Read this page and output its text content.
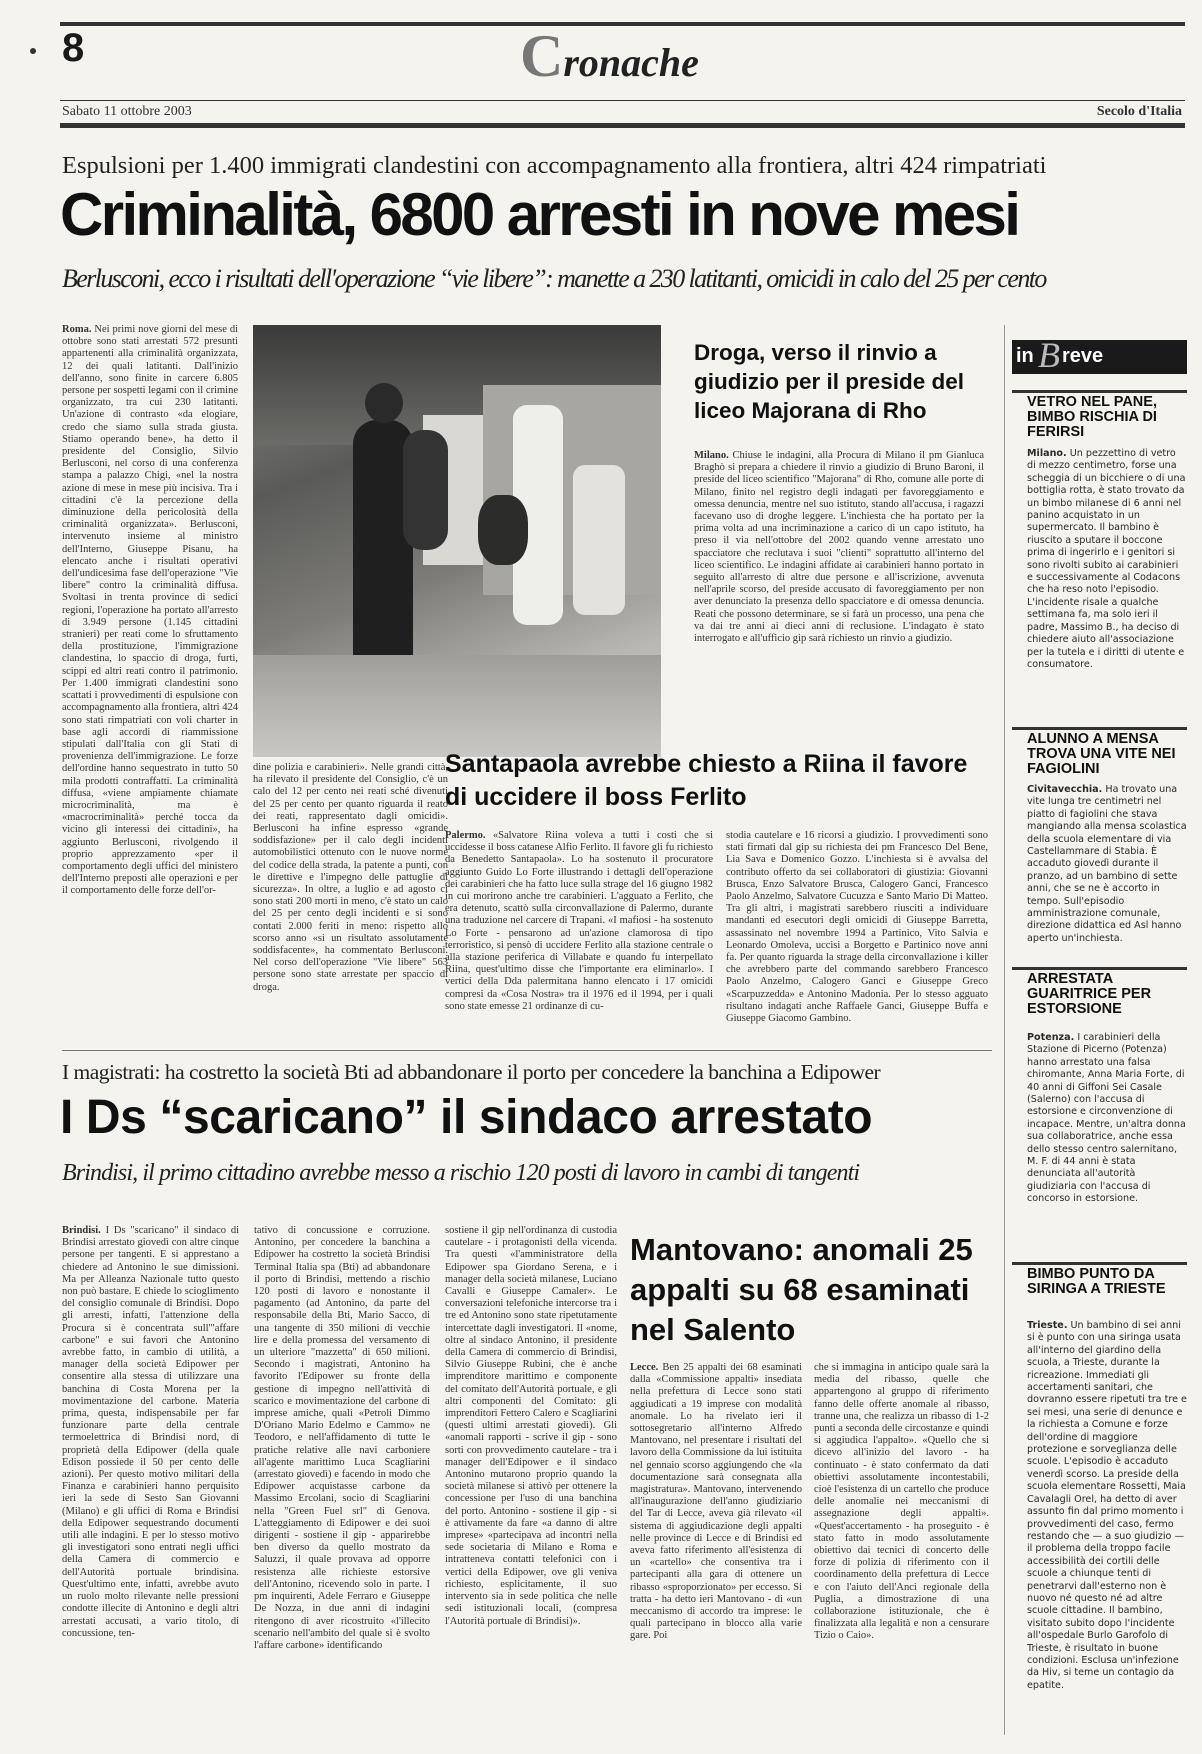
8	Cronache
Sabato 11 ottobre 2003	Secolo d'Italia
Espulsioni per 1.400 immigrati clandestini con accompagnamento alla frontiera, altri 424 rimpatriati
Criminalità, 6800 arresti in nove mesi
Berlusconi, ecco i risultati dell'operazione “vie libere”: manette a 230 latitanti, omicidi in calo del 25 per cento
Roma. Nei primi nove giorni del mese di ottobre sono stati arrestati 572 presunti appartenenti alla criminalità organizzata, 12 dei quali latitanti. Dall'inizio dell'anno, sono finite in carcere 6.805 persone per sospetti legami con il crimine organizzato, tra cui 230 latitanti. Un'azione di contrasto «da elogiare, credo che siamo sulla strada giusta. Stiamo operando bene», ha detto il presidente del Consiglio, Silvio Berlusconi, nel corso di una conferenza stampa a palazzo Chigi, «nel la nostra azione di mese in mese più incisiva. Tra i cittadini c'è la percezione della diminuzione della pericolosità della criminalità organizzata». Berlusconi, intervenuto insieme al ministro dell'Interno, Giuseppe Pisanu, ha elencato anche i risultati operativi dell'undicesima fase dell'operazione "Vie libere" contro la criminalità diffusa. Svoltasi in trenta province di sedici regioni, l'operazione ha portato all'arresto di 3.949 persone (1.145 cittadini stranieri) per reati come lo sfruttamento della prostituzione, l'immigrazione clandestina, lo spaccio di droga, furti, scippi ed altri reati contro il patrimonio. Per 1.400 immigrati clandestini sono scattati i provvedimenti di espulsione con accompagnamento alla frontiera, altri 424 sono stati rimpatriati con voli charter in base agli accordi di riammissione stipulati dall'Italia con gli Stati di provenienza dell'immigrazione. Le forze dell'ordine hanno sequestrato in tutto 50 mila prodotti contraffatti. La criminalità diffusa, «viene ampiamente chiamate microcriminalità, ma è «macrocriminalità» perché tocca da vicino gli interessi dei cittadini», ha aggiunto Berlusconi, rivolgendo il proprio apprezzamento «per il comportamento degli uffici del ministero dell'Interno preposti alle operazioni e per il comportamento delle forze dell'or-
dine polizia e carabinieri». Nelle grandi città, ha rilevato il presidente del Consiglio, c'è un calo del 12 per cento nei reati sché divenuti del 25 per cento per quanto riguarda il reato dei reati, rappresentato dagli omicidi». Berlusconi ha infine espresso «grande soddisfazione» per il calo degli incidenti automobilistici ottenuto con le nuove norme del codice della strada, la patente a punti, con le direttive e l'impegno delle pattuglie di sicurezza». In oltre, a luglio e ad agosto ci sono stati 200 morti in meno, c'è stato un calo del 25 per cento degli incidenti e si sono contati 2.000 feriti in meno: rispetto allo scorso anno «si un risultato assolutamente soddisfacente», ha commentato Berlusconi. Nel corso dell'operazione "Vie libere" 563 persone sono state arrestate per spaccio di droga.
Droga, verso il rinvio a giudizio per il preside del liceo Majorana di Rho
Milano. Chiuse le indagini, alla Procura di Milano il pm Gianluca Braghò si prepara a chiedere il rinvio a giudizio di Bruno Baroni, il preside del liceo scientifico "Majorana" di Rho, comune alle porte di Milano, finito nel registro degli indagati per favoreggiamento e omessa denuncia, mentre nel suo istituto, stando all'accusa, i ragazzi facevano uso di droghe leggere. L'inchiesta che ha portato per la prima volta ad una incriminazione a carico di un capo istituto, ha preso il via nell'ottobre del 2002 quando venne arrestato uno spacciatore che reclutava i suoi "clienti" soprattutto all'interno del liceo scientifico. Le indagini affidate ai carabinieri hanno portato in seguito all'arresto di altre due persone e all'iscrizione, avvenuta nell'aprile scorso, del preside accusato di favoreggiamento per non aver denunciato la presenza dello spacciatore e di omessa denuncia. Reati che possono determinare, se si farà un processo, una pena che va dai tre anni ai dieci anni di reclusione. L'indagato è stato interrogato e all'ufficio gip sarà richiesto un rinvio a giudizio.
Santapaola avrebbe chiesto a Riina il favore di uccidere il boss Ferlito
Palermo. «Salvatore Riina voleva a tutti i costi che si uccidesse il boss catanese Alfio Ferlito. Il favore gli fu richiesto da Benedetto Santapaola». Lo ha sostenuto il procuratore aggiunto Guido Lo Forte illustrando i dettagli dell'operazione dei carabinieri che ha fatto luce sulla strage del 16 giugno 1982 in cui morirono anche tre carabinieri. L'agguato a Ferlito, che era detenuto, scattò sulla circonvallazione di Palermo, durante una traduzione nel carcere di Trapani. «I mafiosi - ha sostenuto Lo Forte - pensarono ad un'azione clamorosa di tipo terroristico, si pensò di uccidere Ferlito alla stazione centrale o alla stazione periferica di Villabate e quando fu interpellato Riina, quest'ultimo disse che l'importante era eliminarlo». I vertici della Dda palermitana hanno elencato i 17 omicidi compresi da «Cosa Nostra» tra il 1976 ed il 1994, per i quali sono state emesse 21 ordinanze di cu-
stodia cautelare e 16 ricorsi a giudizio. I provvedimenti sono stati firmati dal gip su richiesta dei pm Francesco Del Bene, Lia Sava e Domenico Gozzo. L'inchiesta si è avvalsa del contributo offerto da sei collaboratori di giustizia: Giovanni Brusca, Enzo Salvatore Brusca, Calogero Ganci, Francesco Paolo Anzelmo, Salvatore Cucuzza e Santo Mario Di Matteo. Tra gli altri, i magistrati sarebbero riusciti a individuare mandanti ed esecutori degli omicidi di Giuseppe Barretta, assassinato nel novembre 1994 a Partinico, Vito Salvia e Leonardo Omoleva, uccisi a Borgetto e Partinico nove anni fa. Per quanto riguarda la strage della circonvallazione i killer che avrebbero parte del commando sarebbero Francesco Paolo Anzelmo, Calogero Ganci e Giuseppe Greco «Scarpuzzedda» e Antonino Madonia. Per lo stesso agguato risultano indagati anche Raffaele Ganci, Giuseppe Buffa e Giuseppe Giacomo Gambino.
in B reve
VETRO NEL PANE, BIMBO RISCHIA DI FERIRSI
Milano. Un pezzettino di vetro di mezzo centimetro, forse una scheggia di un bicchiere o di una bottiglia rotta, è stato trovato da un bimbo milanese di 6 anni nel panino acquistato in un supermercato. Il bambino è riuscito a sputare il boccone prima di ingerirlo e i genitori si sono rivolti subito ai carabinieri e successivamente al Codacons che ha reso noto l'episodio. L'incidente risale a qualche settimana fa, ma solo ieri il padre, Massimo B., ha deciso di chiedere aiuto all'associazione per la tutela e i diritti di utente e consumatore.
ALUNNO A MENSA TROVA UNA VITE NEI FAGIOLINI
Civitavecchia. Ha trovato una vite lunga tre centimetri nel piatto di fagiolini che stava mangiando alla mensa scolastica della scuola elementare di via Castellammare di Stabia. È accaduto giovedì durante il pranzo, ad un bambino di sette anni, che se ne è accorto in tempo. Sull'episodio amministrazione comunale, direzione didattica ed Asl hanno aperto un'inchiesta.
ARRESTATA GUARITRICE PER ESTORSIONE
Potenza. I carabinieri della Stazione di Picerno (Potenza) hanno arrestato una falsa chiromante, Anna Maria Forte, di 40 anni di Giffoni Sei Casale (Salerno) con l'accusa di estorsione e circonvenzione di incapace. Mentre, un'altra donna sua collaboratrice, anche essa dello stesso centro salernitano, M. F. di 44 anni è stata denunciata all'autorità giudiziaria con l'accusa di concorso in estorsione.
BIMBO PUNTO DA SIRINGA A TRIESTE
Trieste. Un bambino di sei anni si è punto con una siringa usata all'interno del giardino della scuola, a Trieste, durante la ricreazione. Immediati gli accertamenti sanitari, che dovranno essere ripetuti tra tre e sei mesi, una serie di denunce e la richiesta a Comune e forze dell'ordine di maggiore protezione e sorveglianza delle scuole. L'episodio è accaduto venerdì scorso. La preside della scuola elementare Rossetti, Maia Cavalagli Orel, ha detto di aver assunto fin dal primo momento i provvedimenti del caso, fermo restando che — a suo giudizio — il problema della troppo facile accessibilità dei cortili delle scuole a chiunque tenti di penetrarvi dall'esterno non è nuovo né questo né ad altre scuole cittadine. Il bambino, visitato subito dopo l'incidente all'ospedale Burlo Garofolo di Trieste, è risultato in buone condizioni. Esclusa un'infezione da Hiv, si teme un contagio da epatite.
I magistrati: ha costretto la società Bti ad abbandonare il porto per concedere la banchina a Edipower
I Ds “scaricano” il sindaco arrestato
Brindisi, il primo cittadino avrebbe messo a rischio 120 posti di lavoro in cambi di tangenti
Brindisi. I Ds "scaricano" il sindaco di Brindisi arrestato giovedì con altre cinque persone per tangenti. E si apprestano a chiedere ad Antonino le sue dimissioni. Ma per Alleanza Nazionale tutto questo non può bastare. E chiede lo scioglimento del consiglio comunale di Brindisi. Dopo gli arresti, infatti, l'attenzione della Procura si è concentrata sull'"affare carbone" e sui favori che Antonino avrebbe fatto, in cambio di utilità, a manager della società Edipower per consentire alla stessa di utilizzare una banchina di Costa Morena per la movimentazione del carbone. Materia prima, questa, indispensabile per far funzionare parte della centrale termoelettrica di Brindisi nord, di proprietà della Edipower (della quale Edison possiede il 50 per cento delle azioni). Per questo motivo militari della Finanza e carabinieri hanno perquisito ieri la sede di Sesto San Giovanni (Milano) e gli uffici di Roma e Brindisi della Edipower sequestrando documenti utili alle indagini. E per lo stesso motivo gli investigatori sono entrati negli uffici della Camera di commercio e dell'Autorità portuale brindisina. Quest'ultimo ente, infatti, avrebbe avuto un ruolo molto rilevante nelle pressioni condotte illecite di Antonino e degli altri arrestati accusati, a vario titolo, di concussione, ten-
tativo di concussione e corruzione. Antonino, per concedere la banchina a Edipower ha costretto la società Brindisi Terminal Italia spa (Bti) ad abbandonare il porto di Brindisi, mettendo a rischio 120 posti di lavoro e nonostante il pagamento (ad Antonino, da parte del responsabile della Bti, Mario Sacco, di una tangente di 350 milioni di vecchie lire e della promessa del versamento di un ulteriore "mazzetta" di 650 milioni. Secondo i magistrati, Antonino ha favorito l'Edipower su fronte della gestione di impegno nell'attività di scarico e movimentazione del carbone di imprese amiche, quali «Petroli Dimmo D'Oriano Mario Edelmo e Cammo» ne Teodoro, e nell'affidamento di tutte le pratiche relative alle navi carboniere all'agente marittimo Luca Scagliarini (arrestato giovedì) e facendo in modo che Edipower acquistasse carbone da Massimo Ercolani, socio di Scagliarini nella "Green Fuel srl" di Genova. L'atteggiamento di Edipower e dei suoi dirigenti - sostiene il gip - apparirebbe ben diverso da quello mostrato da Saluzzi, il quale provava ad opporre resistenza alle richieste estorsive dell'Antonino, ricevendo solo in parte. I pm inquirenti, Adele Ferraro e Giuseppe De Nozza, in due anni di indagini ritengono di aver ricostruito «l'illecito scenario nell'ambito del quale si è svolto l'affare carbone» identificando
sostiene il gip nell'ordinanza di custodia cautelare - i protagonisti della vicenda. Tra questi «l'amministratore della Edipower spa Giordano Serena, e i manager della società milanese, Luciano Cavalli e Giuseppe Camaler». Le conversazioni telefoniche intercorse tra i tre ed Antonino sono state ripetutamente intercettate dagli investigatori. Il «nome, oltre al sindaco Antonino, il presidente della Camera di commercio di Brindisi, Silvio Giuseppe Rubini, che è anche imprenditore marittimo e componente del comitato dell'Autorità portuale, e gli altri componenti del Comitato: gli imprenditori Fettero Calero e Scagliarini (questi ultimi arrestati giovedì). Gli «anomali rapporti - scrive il gip - sono sorti con provvedimento cautelare - tra i manager dell'Edipower e il sindaco Antonino mutarono proprio quando la società milanese si attivò per ottenere la concessione per l'uso di una banchina del porto. Antonino - sostiene il gip - si è attivamente da fare «a danno di altre imprese» «partecipava ad incontri nella sede societaria di Milano e Roma e intratteneva contatti telefonici con i vertici della Edipower, ove gli veniva richiesto, esplicitamente, il suo intervento sia in sede politica che nelle sedi istituzionali locali, (compresa l'Autorità portuale di Brindisi)».
Mantovano: anomali 25 appalti su 68 esaminati nel Salento
Lecce. Ben 25 appalti dei 68 esaminati dalla «Commissione appalti» insediata nella prefettura di Lecce sono stati aggiudicati a 19 imprese con modalità anomale. Lo ha rivelato ieri il sottosegretario all'interno Alfredo Mantovano, nel presentare i risultati del lavoro della Commissione da lui istituita nel gennaio scorso aggiungendo che «la documentazione sarà consegnata alla magistratura». Mantovano, intervenendo all'inaugurazione dell'anno giudiziario del Tar di Lecce, aveva già rilevato «il sistema di aggiudicazione degli appalti nelle province di Lecce e di Brindisi ed aveva fatto riferimento all'esistenza di un «cartello» che consentiva tra i partecipanti alla gara di ottenere un ribasso «sproporzionato» per eccesso. Si tratta - ha detto ieri Mantovano - di «un meccanismo di accordo tra imprese: le quali partecipano in blocco alla varie gare. Poi
che si immagina in anticipo quale sarà la media del ribasso, quelle che appartengono al gruppo di riferimento fanno delle offerte anomale al ribasso, tranne una, che realizza un ribasso di 1-2 punti a seconda delle circostanze e quindi si aggiudica l'appalto». «Quello che si dicevo all'inizio del lavoro - ha continuato - è stato confermato da dati obiettivi assolutamente incontestabili, cioè l'esistenza di un cartello che produce delle anomalie nei meccanismi di assegnazione degli appalti». «Quest'accertamento - ha proseguito - è stato fatto in modo assolutamente obiettivo dai tecnici di concerto delle forze di polizia di riferimento con il coordinamento della prefettura di Lecce e con l'aiuto dell'Anci regionale della Puglia, a dimostrazione di una collaborazione istituzionale, che è finalizzata alla legalità e non a censurare Tizio o Caio».
